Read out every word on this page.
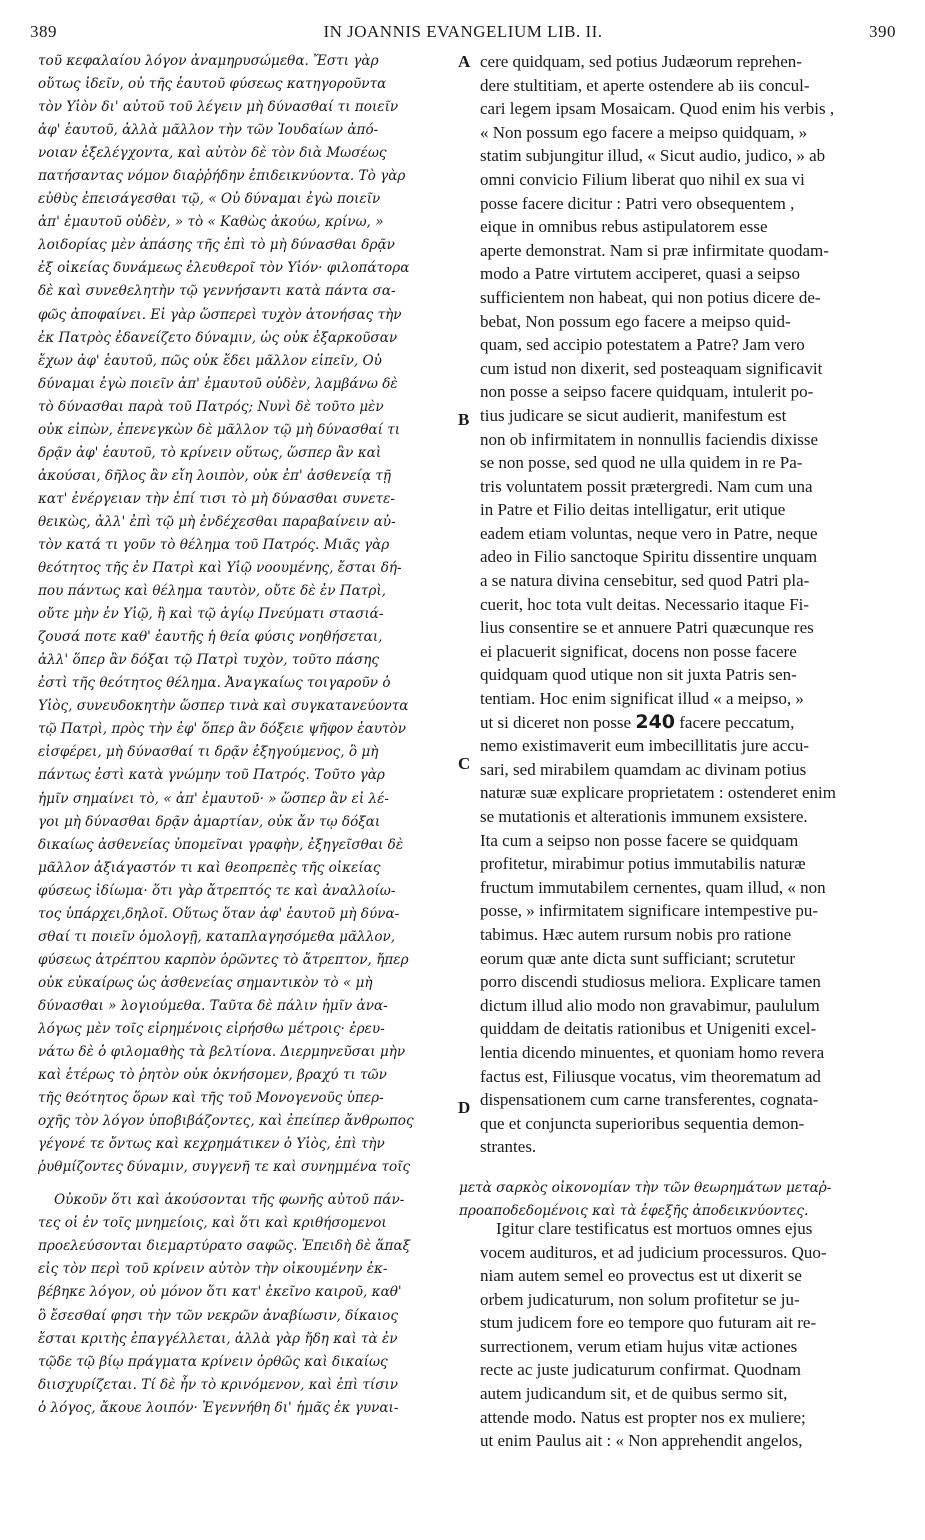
389	IN JOANNIS EVANGELIUM LIB. II.	390
A
B
C
D
τοῦ κεφαλαίου λόγον ἀναμηρυσώμεθα. Ἔστι γὰρ
οὕτως ἰδεῖν, οὐ τῆς ἑαυτοῦ φύσεως κατηγοροῦντα
τὸν Υἱὸν δι' αὐτοῦ τοῦ λέγειν μὴ δύνασθαί τι ποιεῖν
ἀφ' ἑαυτοῦ, ἀλλὰ μᾶλλον τὴν τῶν Ἰουδαίων ἀπό-
νοιαν ἐξελέγχοντα, καὶ αὐτὸν δὲ τὸν διὰ Μωσέως
πατήσαντας νόμον διαῤῥήδην ἐπιδεικνύοντα. Τὸ γὰρ
εὐθὺς ἐπεισάγεσθαι τῷ, « Οὐ δύναμαι ἐγὼ ποιεῖν
ἀπ' ἐμαυτοῦ οὐδὲν, » τὸ « Καθὼς ἀκούω, κρίνω, »
λοιδορίας μὲν ἁπάσης τῆς ἐπὶ τὸ μὴ δύνασθαι δρᾷν
ἐξ οἰκείας δυνάμεως ἐλευθεροῖ τὸν Υἱόν· φιλοπάτορα
δὲ καὶ συνεθελητὴν τῷ γεννήσαντι κατὰ πάντα σα-
φῶς ἀποφαίνει. Εἰ γὰρ ὥσπερεὶ τυχὸν ἀτονήσας τὴν
ἐκ Πατρὸς ἐδανείζετο δύναμιν, ὡς οὐκ ἐξαρκοῦσαν
ἔχων ἀφ' ἑαυτοῦ, πῶς οὐκ ἔδει μᾶλλον εἰπεῖν, Οὐ
δύναμαι ἐγὼ ποιεῖν ἀπ' ἐμαυτοῦ οὐδὲν, λαμβάνω δὲ
τὸ δύνασθαι παρὰ τοῦ Πατρός; Νυνὶ δὲ τοῦτο μὲν
οὐκ εἰπὼν, ἐπενεγκὼν δὲ μᾶλλον τῷ μὴ δύνασθαί τι
δρᾷν ἀφ' ἑαυτοῦ, τὸ κρίνειν οὕτως, ὥσπερ ἂν καὶ
ἀκούσαι, δῆλος ἂν εἴη λοιπὸν, οὐκ ἐπ' ἀσθενείᾳ τῇ
κατ' ἐνέργειαν τὴν ἐπί τισι τὸ μὴ δύνασθαι συνετε-
θεικὼς, ἀλλ' ἐπὶ τῷ μὴ ἐνδέχεσθαι παραβαίνειν αὐ-
τὸν κατά τι γοῦν τὸ θέλημα τοῦ Πατρός. Μιᾶς γὰρ
θεότητος τῆς ἐν Πατρὶ καὶ Υἱῷ νοουμένης, ἔσται δή-
που πάντως καὶ θέλημα ταυτὸν, οὔτε δὲ ἐν Πατρὶ,
οὔτε μὴν ἐν Υἱῷ, ἢ καὶ τῷ ἁγίῳ Πνεύματι στασιά-
ζουσά ποτε καθ' ἑαυτῆς ἡ θεία φύσις νοηθήσεται,
ἀλλ' ὅπερ ἂν δόξαι τῷ Πατρὶ τυχὸν, τοῦτο πάσης
ἐστὶ τῆς θεότητος θέλημα. Ἀναγκαίως τοιγαροῦν ὁ
Υἱὸς, συνευδοκητὴν ὥσπερ τινὰ καὶ συγκατανεύοντα
τῷ Πατρὶ, πρὸς τὴν ἐφ' ὅπερ ἂν δόξειε ψῆφον ἑαυτὸν
εἰσφέρει, μὴ δύνασθαί τι δρᾷν ἐξηγούμενος, ὃ μὴ
πάντως ἐστὶ κατὰ γνώμην τοῦ Πατρός. Τοῦτο γὰρ
ἡμῖν σημαίνει τὸ, « ἀπ' ἐμαυτοῦ· » ὥσπερ ἂν εἰ λέ-
γοι μὴ δύνασθαι δρᾷν ἁμαρτίαν, οὐκ ἄν τῳ δόξαι
δικαίως ἀσθενείας ὑπομεῖναι γραφὴν, ἐξηγεῖσθαι δὲ
μᾶλλον ἀξιάγαστόν τι καὶ θεοπρεπὲς τῆς οἰκείας
φύσεως ἰδίωμα· ὅτι γὰρ ἄτρεπτός τε καὶ ἀναλλοίω-
τος ὑπάρχει,δηλοῖ. Οὕτως ὅταν ἀφ' ἑαυτοῦ μὴ δύνα-
σθαί τι ποιεῖν ὁμολογῇ, καταπλαγησόμεθα μᾶλλον,
φύσεως ἀτρέπτου καρπὸν ὁρῶντες τὸ ἄτρεπτον, ἤπερ
οὐκ εὐκαίρως ὡς ἀσθενείας σημαντικὸν τὸ « μὴ
δύνασθαι » λογιούμεθα. Ταῦτα δὲ πάλιν ἡμῖν ἀνα-
λόγως μὲν τοῖς εἰρημένοις εἰρήσθω μέτροις· ἐρευ-
νάτω δὲ ὁ φιλομαθὴς τὰ βελτίονα. Διερμηνεῦσαι μὴν
καὶ ἑτέρως τὸ ῥητὸν οὐκ ὀκνήσομεν, βραχύ τι τῶν
τῆς θεότητος ὅρων καὶ τῆς τοῦ Μονογενοῦς ὑπερ-
οχῆς τὸν λόγον ὑποβιβάζοντες, καὶ ἐπείπερ ἄνθρωπος
γέγονέ τε ὄντως καὶ κεχρημάτικεν ὁ Υἱὸς, ἐπὶ τὴν
ῥυθμίζοντες δύναμιν, συγγενῆ τε καὶ συνημμένα τοῖς
Οὐκοῦν ὅτι καὶ ἀκούσονται τῆς φωνῆς αὐτοῦ πάν-
τες οἱ ἐν τοῖς μνημείοις, καὶ ὅτι καὶ κριθήσομενοι
προελεύσονται διεμαρτύρατο σαφῶς. Ἐπειδὴ δὲ ἅπαξ
εἰς τὸν περὶ τοῦ κρίνειν αὐτὸν τὴν οἰκουμένην ἐκ-
βέβηκε λόγον, οὐ μόνον ὅτι κατ' ἐκεῖνο καιροῦ, καθ'
ὃ ἔσεσθαί φησι τὴν τῶν νεκρῶν ἀναβίωσιν, δίκαιος
ἔσται κριτὴς ἐπαγγέλλεται, ἀλλὰ γὰρ ἤδη καὶ τὰ ἐν
τῷδε τῷ βίῳ πράγματα κρίνειν ὀρθῶς καὶ δικαίως
διισχυρίζεται. Τί δὲ ἦν τὸ κρινόμενον, καὶ ἐπὶ τίσιν
ὁ λόγος, ἄκουε λοιπόν· Ἐγεννήθη δι' ἡμᾶς ἐκ γυναι-
cere quidquam, sed potius Judæorum reprehen-
dere stultitiam, et aperte ostendere ab iis concul-
cari legem ipsam Mosaicam. Quod enim his verbis ,
« Non possum ego facere a meipso quidquam, »
statim subjungitur illud, « Sicut audio, judico, » ab
omni convicio Filium liberat quo nihil ex sua vi
posse facere dicitur : Patri vero obsequentem ,
eique in omnibus rebus astipulatorem esse
aperte demonstrat. Nam si præ infirmitate quodam-
modo a Patre virtutem acciperet, quasi a seipso
sufficientem non habeat, qui non potius dicere de-
bebat, Non possum ego facere a meipso quid-
quam, sed accipio potestatem a Patre? Jam vero
cum istud non dixerit, sed posteaquam significavit
non posse a seipso facere quidquam, intulerit po-
tius judicare se sicut audierit, manifestum est
non ob infirmitatem in nonnullis faciendis dixisse
se non posse, sed quod ne ulla quidem in re Pa-
tris voluntatem possit prætergredi. Nam cum una
in Patre et Filio deitas intelligatur, erit utique
eadem etiam voluntas, neque vero in Patre, neque
adeo in Filio sanctoque Spiritu dissentire unquam
a se natura divina censebitur, sed quod Patri pla-
cuerit, hoc tota vult deitas. Necessario itaque Fi-
lius consentire se et annuere Patri quæcunque res
ei placuerit significat, docens non posse facere
quidquam quod utique non sit juxta Patris sen-
tentiam. Hoc enim significat illud « a meipso, »
ut si diceret non posse 240 facere peccatum,
nemo existimaverit eum imbecillitatis jure accu-
sari, sed mirabilem quamdam ac divinam potius
naturæ suæ explicare proprietatem : ostenderet enim
se mutationis et alterationis immunem exsistere.
Ita cum a seipso non posse facere se quidquam
profitetur, mirabimur potius immutabilis naturæ
fructum immutabilem cernentes, quam illud, « non
posse, » infirmitatem significare intempestive pu-
tabimus. Hæc autem rursum nobis pro ratione
eorum quæ ante dicta sunt sufficiant; scrutetur
porro discendi studiosus meliora. Explicare tamen
dictum illud alio modo non gravabimur, paululum
quiddam de deitatis rationibus et Unigeniti excel-
lentia dicendo minuentes, et quoniam homo revera
factus est, Filiusque vocatus, vim theorematum ad
dispensationem cum carne transferentes, cognata-
que et conjuncta superioribus sequentia demon-
strantes.
Igitur clare testificatus est mortuos omnes ejus
vocem audituros, et ad judicium processuros. Quo-
niam autem semel eo provectus est ut dixerit se
orbem judicaturum, non solum profitetur se ju-
stum judicem fore eo tempore quo futuram ait re-
surrectionem, verum etiam hujus vitæ actiones
recte ac juste judicaturum confirmat. Quodnam
autem judicandum sit, et de quibus sermo sit,
attende modo. Natus est propter nos ex muliere;
ut enim Paulus ait : « Non apprehendit angelos,
μετὰ σαρκὸς οἰκονομίαν τὴν τῶν θεωρημάτων μεταῤ-
προαποδεδομένοις καὶ τὰ ἑφεξῆς ἀποδεικνύοντες.
